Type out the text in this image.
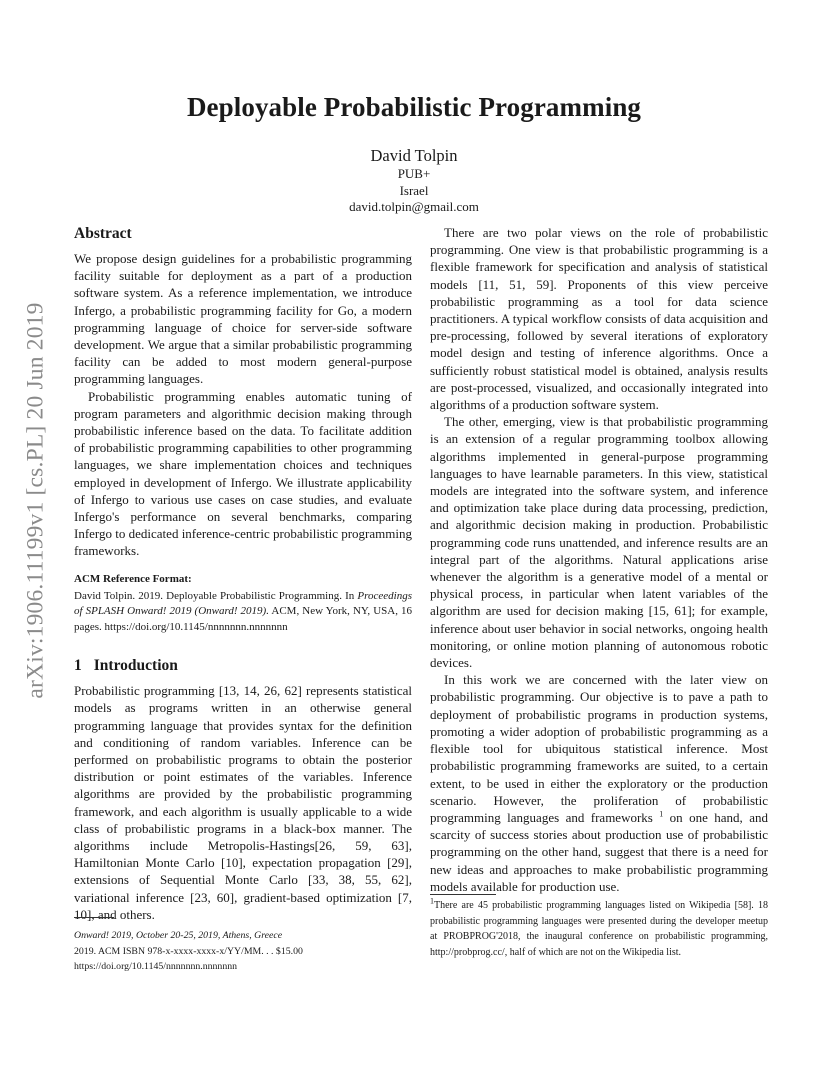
arXiv:1906.11199v1 [cs.PL] 20 Jun 2019
Deployable Probabilistic Programming
David Tolpin
PUB+
Israel
david.tolpin@gmail.com
Abstract

We propose design guidelines for a probabilistic programming facility suitable for deployment as a part of a production software system. As a reference implementation, we introduce Infergo, a probabilistic programming facility for Go, a modern programming language of choice for server-side software development. We argue that a similar probabilistic programming facility can be added to most modern general-purpose programming languages.

Probabilistic programming enables automatic tuning of program parameters and algorithmic decision making through probabilistic inference based on the data. To facilitate addition of probabilistic programming capabilities to other programming languages, we share implementation choices and techniques employed in development of Infergo. We illustrate applicability of Infergo to various use cases on case studies, and evaluate Infergo's performance on several benchmarks, comparing Infergo to dedicated inference-centric probabilistic programming frameworks.

ACM Reference Format:

David Tolpin. 2019. Deployable Probabilistic Programming. In Proceedings of SPLASH Onward! 2019 (Onward! 2019). ACM, New York, NY, USA, 16 pages. https://doi.org/10.1145/nnnnnnn.nnnnnnn

1 Introduction

Probabilistic programming [13, 14, 26, 62] represents statistical models as programs written in an otherwise general programming language that provides syntax for the definition and conditioning of random variables. Inference can be performed on probabilistic programs to obtain the posterior distribution or point estimates of the variables. Inference algorithms are provided by the probabilistic programming framework, and each algorithm is usually applicable to a wide class of probabilistic programs in a black-box manner. The algorithms include Metropolis-Hastings[26, 59, 63], Hamiltonian Monte Carlo [10], expectation propagation [29], extensions of Sequential Monte Carlo [33, 38, 55, 62], variational inference [23, 60], gradient-based optimization [7, 10], and others.

There are two polar views on the role of probabilistic programming. One view is that probabilistic programming is a flexible framework for specification and analysis of statistical models [11, 51, 59]. Proponents of this view perceive probabilistic programming as a tool for data science practitioners. A typical workflow consists of data acquisition and pre-processing, followed by several iterations of exploratory model design and testing of inference algorithms. Once a sufficiently robust statistical model is obtained, analysis results are post-processed, visualized, and occasionally integrated into algorithms of a production software system.

The other, emerging, view is that probabilistic programming is an extension of a regular programming toolbox allowing algorithms implemented in general-purpose programming languages to have learnable parameters. In this view, statistical models are integrated into the software system, and inference and optimization take place during data processing, prediction, and algorithmic decision making in production. Probabilistic programming code runs unattended, and inference results are an integral part of the algorithms. Natural applications arise whenever the algorithm is a generative model of a mental or physical process, in particular when latent variables of the algorithm are used for decision making [15, 61]; for example, inference about user behavior in social networks, ongoing health monitoring, or online motion planning of autonomous robotic devices.

In this work we are concerned with the later view on probabilistic programming. Our objective is to pave a path to deployment of probabilistic programs in production systems, promoting a wider adoption of probabilistic programming as a flexible tool for ubiquitous statistical inference. Most probabilistic programming frameworks are suited, to a certain extent, to be used in either the exploratory or the production scenario. However, the proliferation of probabilistic programming languages and frameworks $^1$ on one hand, and scarcity of success stories about production use of probabilistic programming on the other hand, suggest that there is a need for new ideas and approaches to make probabilistic programming models available for production use.

$^1$There are 45 probabilistic programming languages listed on Wikipedia [58]. 18 probabilistic programming languages were presented during the developer meetup at PROBPROG'2018, the inaugural conference on probabilistic programming, http://probprog.cc/, half of which are not on the Wikipedia list.

Onward! 2019, October 20-25, 2019, Athens, Greece
2019. ACM ISBN 978-x-xxxx-xxxx-x/YY/MM. . . $15.00
https://doi.org/10.1145/nnnnnnn.nnnnnnn
